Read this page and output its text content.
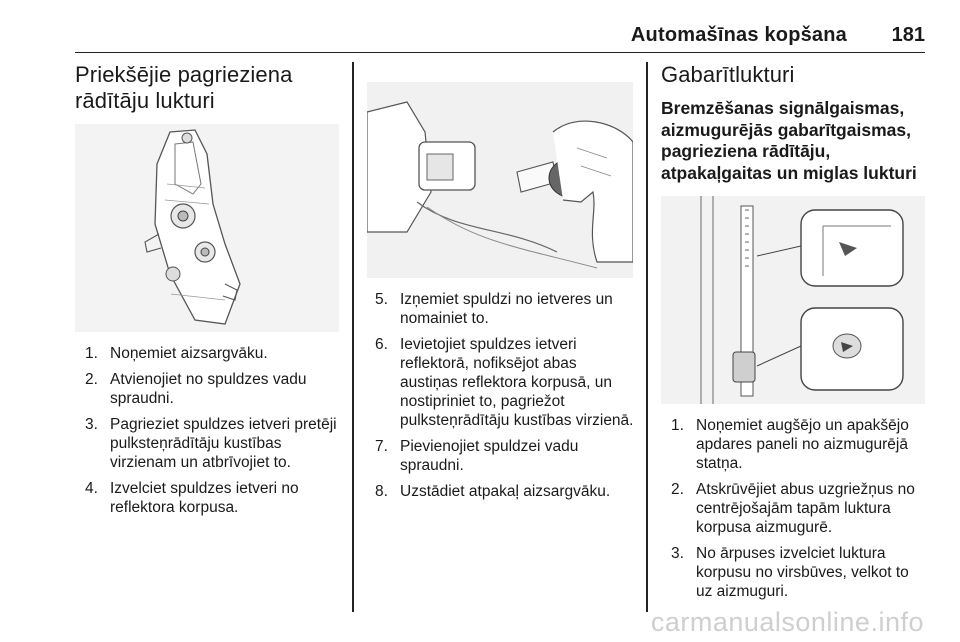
Automašīnas kopšana 181
Priekšējie pagrieziena
rādītāju lukturi
1. Noņemiet aizsargvāku.
2. Atvienojiet no spuldzes vadu spraudni.
3. Pagrieziet spuldzes ietveri pretēji pulksteņrādītāju kustības virzienam un atbrīvojiet to.
4. Izvelciet spuldzes ietveri no reflektora korpusa.
5. Izņemiet spuldzi no ietveres un nomainiet to.
6. Ievietojiet spuldzes ietveri reflektorā, nofiksējot abas austiņas reflektora korpusā, un nostipriniet to, pagriežot pulksteņrādītāju kustības virzienā.
7. Pievienojiet spuldzei vadu spraudni.
8. Uzstādiet atpakaļ aizsargvāku.
Gabarītlukturi
Bremzēšanas signālgaismas,
aizmugurējās gabarītgaismas,
pagrieziena rādītāju,
atpakaļgaitas un miglas lukturi
1. Noņemiet augšējo un apakšējo apdares paneli no aizmugurējā statņa.
2. Atskrūvējiet abus uzgriežņus no centrējošajām tapām luktura korpusa aizmugurē.
3. No ārpuses izvelciet luktura korpusu no virsbūves, velkot to uz aizmuguri.
carmanualsonline.info
